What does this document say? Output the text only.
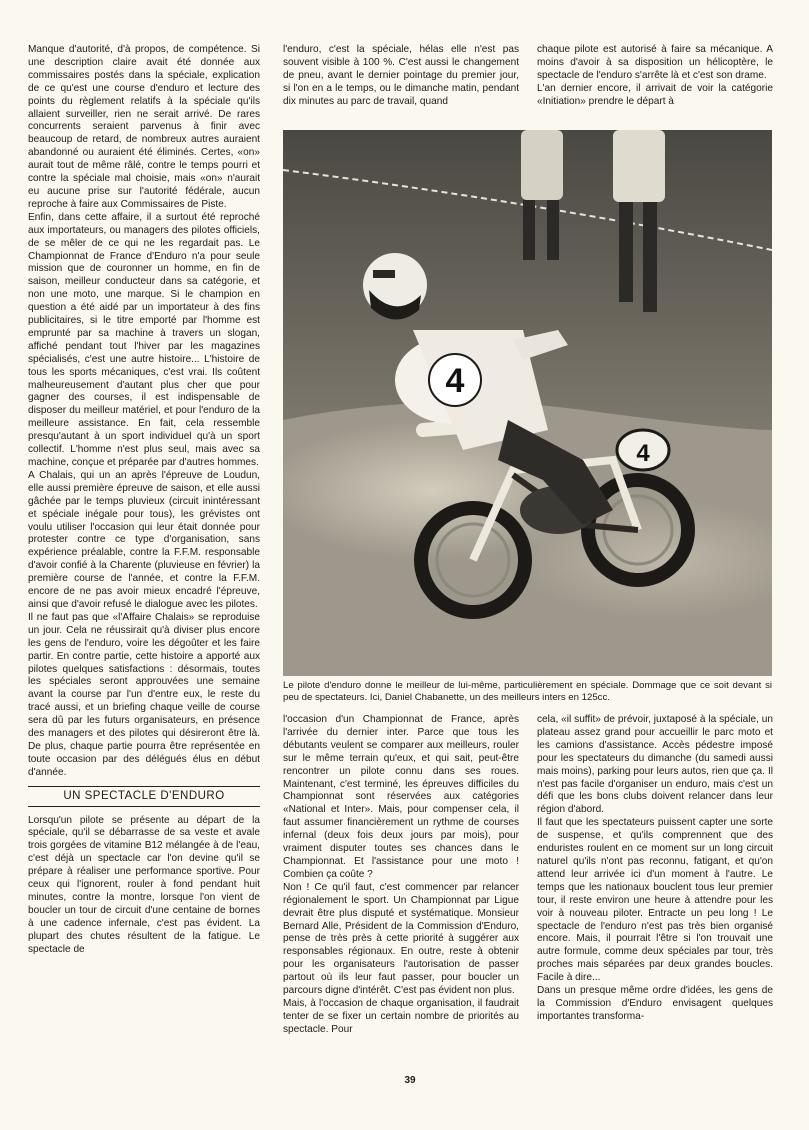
Manque d'autorité, d'à propos, de compétence. Si une description claire avait été donnée aux commissaires postés dans la spéciale, explication de ce qu'est une course d'enduro et lecture des points du règlement relatifs à la spéciale qu'ils allaient surveiller, rien ne serait arrivé. De rares concurrents seraient parvenus à finir avec beaucoup de retard, de nombreux autres auraient abandonné ou auraient été éliminés. Certes, «on» aurait tout de même râlé, contre le temps pourri et contre la spéciale mal choisie, mais «on» n'aurait eu aucune prise sur l'autorité fédérale, aucun reproche à faire aux Commissaires de Piste.

Enfin, dans cette affaire, il a surtout été reproché aux importateurs, ou managers des pilotes officiels, de se mêler de ce qui ne les regardait pas. Le Championnat de France d'Enduro n'a pour seule mission que de couronner un homme, en fin de saison, meilleur conducteur dans sa catégorie, et non une moto, une marque. Si le champion en question a été aidé par un importateur à des fins publicitaires, si le titre emporté par l'homme est emprunté par sa machine à travers un slogan, affiché pendant tout l'hiver par les magazines spécialisés, c'est une autre histoire... L'histoire de tous les sports mécaniques, c'est vrai. Ils coûtent malheureusement d'autant plus cher que pour gagner des courses, il est indispensable de disposer du meilleur matériel, et pour l'enduro de la meilleure assistance. En fait, cela ressemble presqu'autant à un sport individuel qu'à un sport collectif. L'homme n'est plus seul, mais avec sa machine, conçue et préparée par d'autres hommes.

A Chalais, qui un an après l'épreuve de Loudun, elle aussi première épreuve de saison, et elle aussi gâchée par le temps pluvieux (circuit inintéressant et spéciale inégale pour tous), les grévistes ont voulu utiliser l'occasion qui leur était donnée pour protester contre ce type d'organisation, sans expérience préalable, contre la F.F.M. responsable d'avoir confié à la Charente (pluvieuse en février) la première course de l'année, et contre la F.F.M. encore de ne pas avoir mieux encadré l'épreuve, ainsi que d'avoir refusé le dialogue avec les pilotes.

Il ne faut pas que «l'Affaire Chalais» se reproduise un jour. Cela ne réussirait qu'à diviser plus encore les gens de l'enduro, voire les dégoûter et les faire partir. En contre partie, cette histoire a apporté aux pilotes quelques satisfactions : désormais, toutes les spéciales seront approuvées une semaine avant la course par l'un d'entre eux, le reste du tracé aussi, et un briefing chaque veille de course sera dû par les futurs organisateurs, en présence des managers et des pilotes qui désireront être là. De plus, chaque partie pourra être représentée en toute occasion par des délégués élus en début d'année.

UN SPECTACLE D'ENDURO

Lorsqu'un pilote se présente au départ de la spéciale, qu'il se débarrasse de sa veste et avale trois gorgées de vitamine B12 mélangée à de l'eau, c'est déjà un spectacle car l'on devine qu'il se prépare à réaliser une performance sportive. Pour ceux qui l'ignorent, rouler à fond pendant huit minutes, contre la montre, lorsque l'on vient de boucler un tour de circuit d'une centaine de bornes à une cadence infernale, c'est pas évident. La plupart des chutes résultent de la fatigue. Le spectacle de

l'enduro, c'est la spéciale, hélas elle n'est pas souvent visible à 100 %. C'est aussi le changement de pneu, avant le dernier pointage du premier jour, si l'on en a le temps, ou le dimanche matin, pendant dix minutes au parc de travail, quand

chaque pilote est autorisé à faire sa mécanique. A moins d'avoir à sa disposition un hélicoptère, le spectacle de l'enduro s'arrête là et c'est son drame.

L'an dernier encore, il arrivait de voir la catégorie «Initiation» prendre le départ à

4
4
Le pilote d'enduro donne le meilleur de lui-même, particulièrement en spéciale. Dommage que ce soit devant si peu de spectateurs. Ici, Daniel Chabanette, un des meilleurs inters en 125cc.

l'occasion d'un Championnat de France, après l'arrivée du dernier inter. Parce que tous les débutants veulent se comparer aux meilleurs, rouler sur le même terrain qu'eux, et qui sait, peut-être rencontrer un pilote connu dans ses roues. Maintenant, c'est terminé, les épreuves difficiles du Championnat sont réservées aux catégories «National et Inter». Mais, pour compenser cela, il faut assumer financièrement un rythme de courses infernal (deux fois deux jours par mois), pour vraiment disputer toutes ses chances dans le Championnat. Et l'assistance pour une moto ! Combien ça coûte ?

Non ! Ce qu'il faut, c'est commencer par relancer régionalement le sport. Un Championnat par Ligue devrait être plus disputé et systématique. Monsieur Bernard Alle, Président de la Commission d'Enduro, pense de très près à cette priorité à suggérer aux responsables régionaux. En outre, reste à obtenir pour les organisateurs l'autorisation de passer partout où ils leur faut passer, pour boucler un parcours digne d'intérêt. C'est pas évident non plus.

Mais, à l'occasion de chaque organisation, il faudrait tenter de se fixer un certain nombre de priorités au spectacle. Pour

cela, «il suffit» de prévoir, juxtaposé à la spéciale, un plateau assez grand pour accueillir le parc moto et les camions d'assistance. Accès pédestre imposé pour les spectateurs du dimanche (du samedi aussi mais moins), parking pour leurs autos, rien que ça. Il n'est pas facile d'organiser un enduro, mais c'est un défi que les bons clubs doivent relancer dans leur région d'abord.

Il faut que les spectateurs puissent capter une sorte de suspense, et qu'ils comprennent que des enduristes roulent en ce moment sur un long circuit naturel qu'ils n'ont pas reconnu, fatigant, et qu'on attend leur arrivée ici d'un moment à l'autre. Le temps que les nationaux bouclent tous leur premier tour, il reste environ une heure à attendre pour les voir à nouveau piloter. Entracte un peu long ! Le spectacle de l'enduro n'est pas très bien organisé encore. Mais, il pourrait l'être si l'on trouvait une autre formule, comme deux spéciales par tour, très proches mais séparées par deux grandes boucles. Facile à dire...

Dans un presque même ordre d'idées, les gens de la Commission d'Enduro envisagent quelques importantes transforma-

39
